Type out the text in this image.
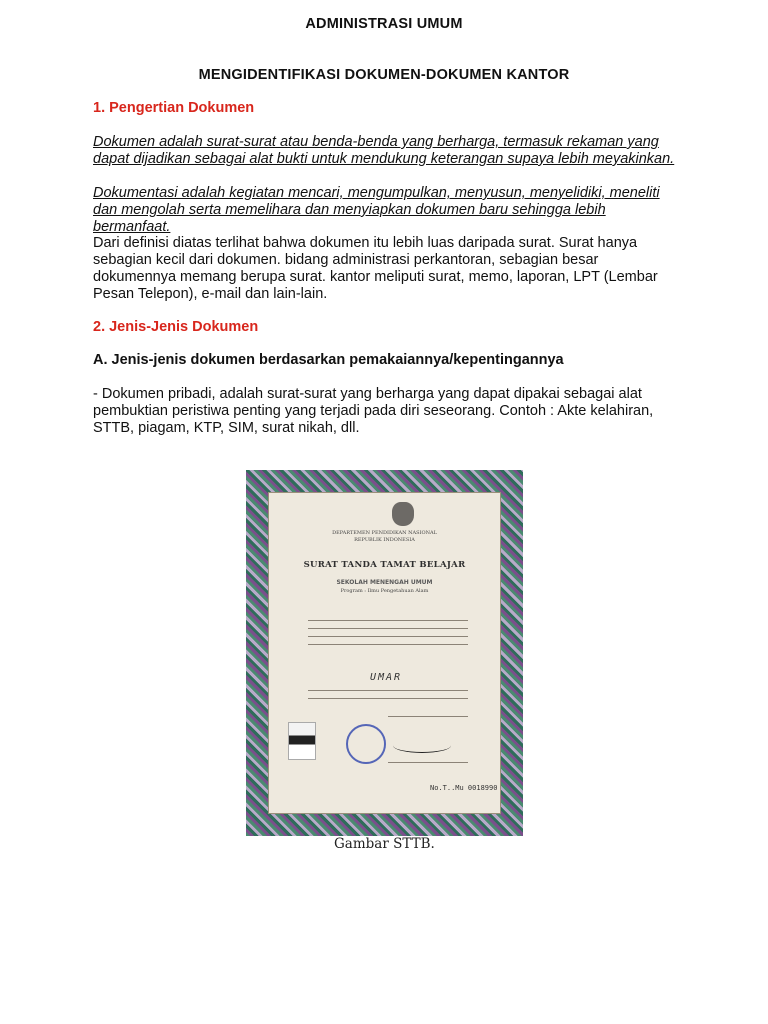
ADMINISTRASI UMUM
MENGIDENTIFIKASI DOKUMEN-DOKUMEN KANTOR
1. Pengertian Dokumen
Dokumen adalah surat-surat atau benda-benda yang berharga, termasuk rekaman yang dapat dijadikan sebagai alat bukti untuk mendukung keterangan supaya lebih meyakinkan.
Dokumentasi adalah kegiatan mencari, mengumpulkan, menyusun, menyelidiki, meneliti dan mengolah serta memelihara dan menyiapkan dokumen baru sehingga lebih bermanfaat.
Dari definisi diatas terlihat bahwa dokumen itu lebih luas daripada surat. Surat hanya sebagian kecil dari dokumen. bidang administrasi perkantoran, sebagian besar dokumennya memang berupa surat. kantor meliputi surat, memo, laporan, LPT (Lembar Pesan Telepon), e-mail dan lain-lain.
2. Jenis-Jenis Dokumen
A. Jenis-jenis dokumen berdasarkan pemakaiannya/kepentingannya
- Dokumen pribadi, adalah surat-surat yang berharga yang dapat dipakai sebagai alat pembuktian peristiwa penting yang terjadi pada diri seseorang. Contoh : Akte kelahiran, STTB, piagam, KTP, SIM, surat nikah, dll.
DEPARTEMEN PENDIDIKAN NASIONAL
REPUBLIK INDONESIA
SURAT TANDA TAMAT BELAJAR
SEKOLAH MENENGAH UMUM
Program : Ilmu Pengetahuan Alam
UMAR
No.T..Mu 0018990
Gambar STTB.
